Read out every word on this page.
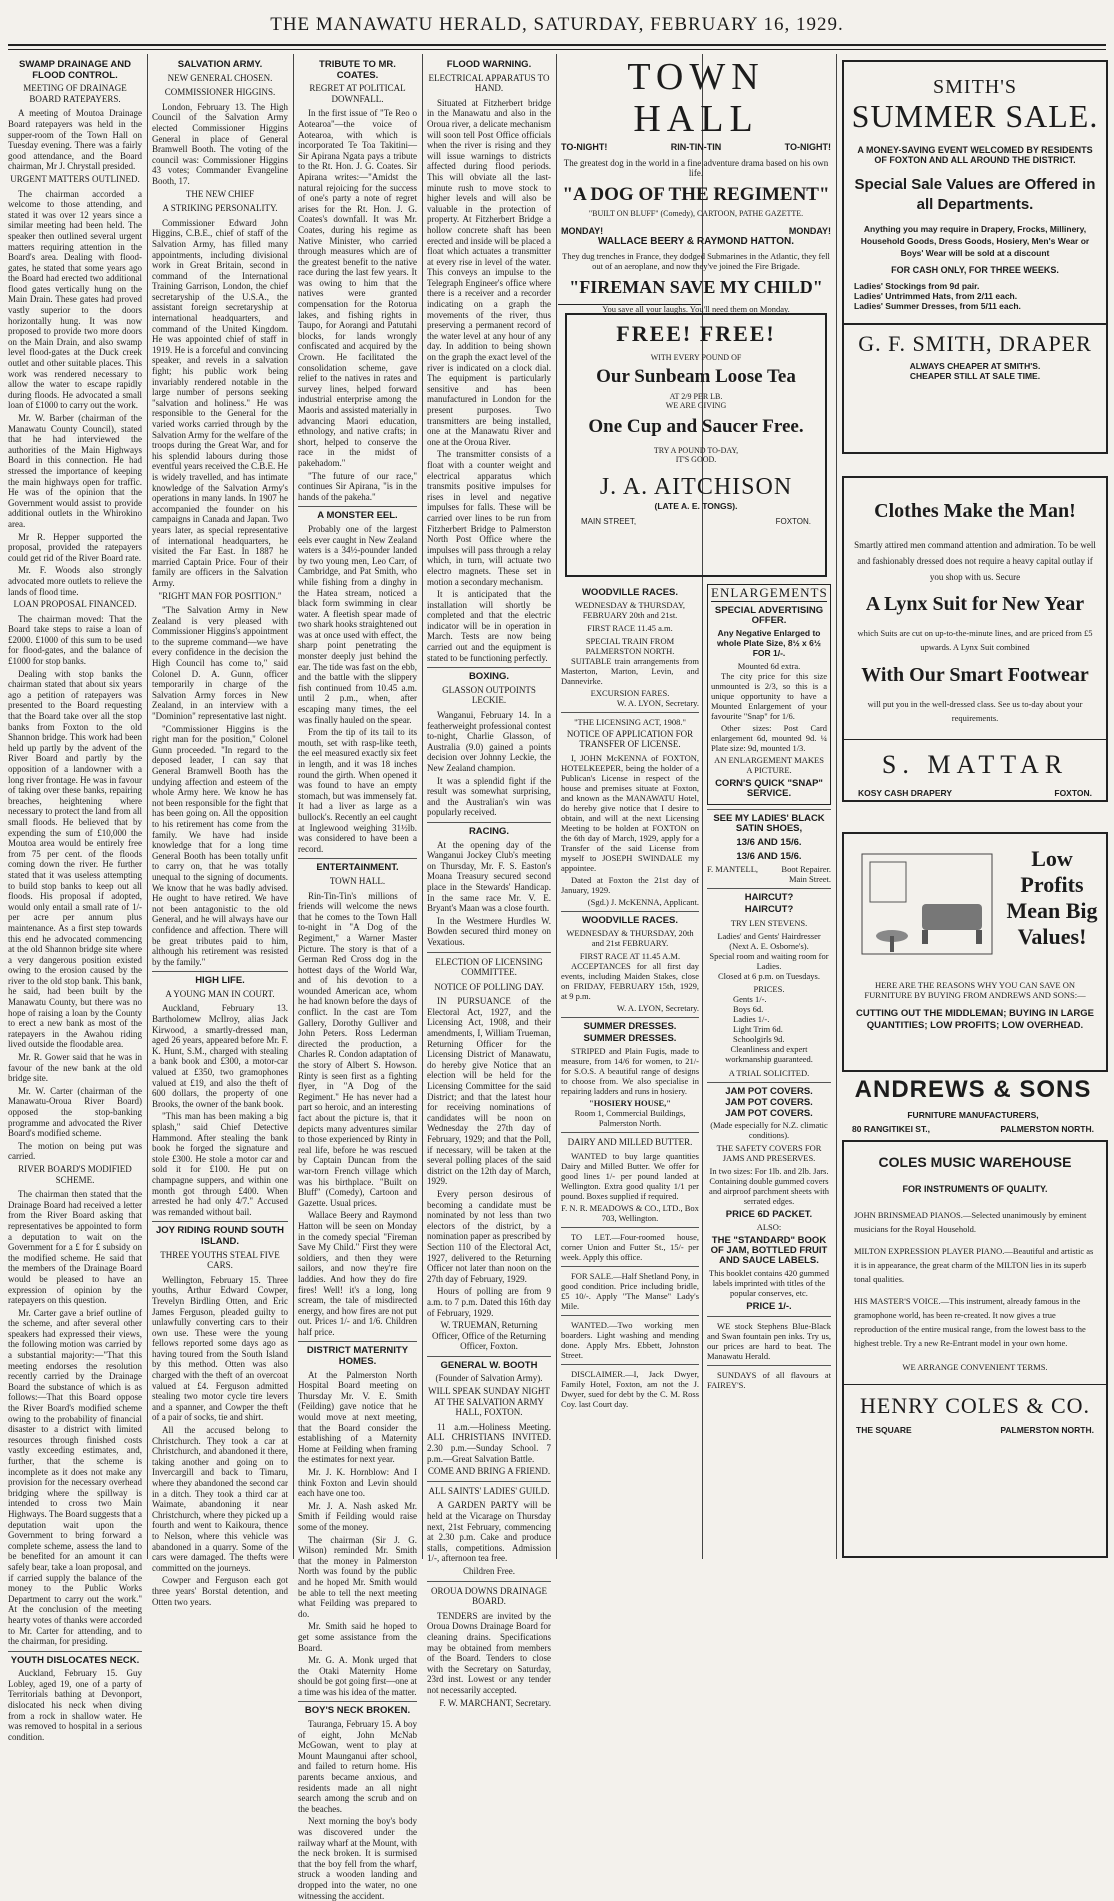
THE MANAWATU HERALD, SATURDAY, FEBRUARY 16, 1929.
SWAMP DRAINAGE AND FLOOD CONTROL.
MEETING OF DRAINAGE BOARD RATEPAYERS.

A meeting of Moutoa Drainage Board ratepayers was held in the supper-room of the Town Hall on Tuesday evening. There was a fairly good attendance, and the Board chairman, Mr J. Chrystall presided.

URGENT MATTERS OUTLINED.

The chairman accorded a welcome to those attending, and stated it was over 12 years since a similar meeting had been held. The speaker then outlined several urgent matters requiring attention in the Board's area. Dealing with flood-gates, he stated that some years ago the Board had erected two additional flood gates vertically hung on the Main Drain. These gates had proved vastly superior to the doors horizontally hung. It was now proposed to provide two more doors on the Main Drain, and also swamp level flood-gates at the Duck creek outlet and other suitable places. This work was rendered necessary to allow the water to escape rapidly during floods. He advocated a small loan of £1000 to carry out the work.

Mr. W. Barber (chairman of the Manawatu County Council), stated that he had interviewed the authorities of the Main Highways Board in this connection. He had stressed the importance of keeping the main highways open for traffic. He was of the opinion that the Government would assist to provide additional outlets in the Whirokino area.

Mr R. Hepper supported the proposal, provided the ratepayers could get rid of the River Board rate.

Mr. F. Woods also strongly advocated more outlets to relieve the lands of flood time.

LOAN PROPOSAL FINANCED.

The chairman moved: That the Board take steps to raise a loan of £2000. £1000 of this sum to be used for flood-gates, and the balance of £1000 for stop banks.

Dealing with stop banks the chairman stated that about six years ago a petition of ratepayers was presented to the Board requesting that the Board take over all the stop banks from Foxton to the old Shannon bridge. This work had been held up partly by the advent of the River Board and partly by the opposition of a landowner with a long river frontage. He was in favour of taking over these banks, repairing breaches, heightening where necessary to protect the land from all small floods. He believed that by expending the sum of £10,000 the Moutoa area would be entirely free from 75 per cent. of the floods coming down the river. He further stated that it was useless attempting to build stop banks to keep out all floods. His proposal if adopted, would only entail a small rate of 1/- per acre per annum plus maintenance. As a first step towards this end he advocated commencing at the old Shannon bridge site where a very dangerous position existed owing to the erosion caused by the river to the old stop bank. This bank, he said, had been built by the Manawatu County, but there was no hope of raising a loan by the County to erect a new bank as most of the ratepayers in the Awahou riding lived outside the floodable area.

Mr. R. Gower said that he was in favour of the new bank at the old bridge site.

Mr. W. Carter (chairman of the Manawatu-Oroua River Board) opposed the stop-banking programme and advocated the River Board's modified scheme.

The motion on being put was carried.

RIVER BOARD'S MODIFIED SCHEME.

The chairman then stated that the Drainage Board had received a letter from the River Board asking that representatives be appointed to form a deputation to wait on the Government for a £ for £ subsidy on the modified scheme. He said that the members of the Drainage Board would be pleased to have an expression of opinion by the ratepayers on this question.

Mr. Carter gave a brief outline of the scheme, and after several other speakers had expressed their views, the following motion was carried by a substantial majority:—"That this meeting endorses the resolution recently carried by the Drainage Board the substance of which is as follows:—That this Board oppose the River Board's modified scheme owing to the probability of financial disaster to a district with limited resources through finished costs vastly exceeding estimates, and, further, that the scheme is incomplete as it does not make any provision for the necessary overhead bridging where the spillway is intended to cross two Main Highways. The Board suggests that a deputation wait upon the Government to bring forward a complete scheme, assess the land to be benefited for an amount it can safely bear, take a loan proposal, and if carried supply the balance of the money to the Public Works Department to carry out the work." At the conclusion of the meeting hearty votes of thanks were accorded to Mr. Carter for attending, and to the chairman, for presiding.

YOUTH DISLOCATES NECK.

Auckland, February 15. Guy Lobley, aged 19, one of a party of Territorials bathing at Devonport, dislocated his neck when diving from a rock in shallow water. He was removed to hospital in a serious condition.

SALVATION ARMY.
NEW GENERAL CHOSEN.
COMMISSIONER HIGGINS.

London, February 13. The High Council of the Salvation Army elected Commissioner Higgins General in place of General Bramwell Booth. The voting of the council was: Commissioner Higgins 43 votes; Commander Evangeline Booth, 17.

THE NEW CHIEF
A STRIKING PERSONALITY.

Commissioner Edward John Higgins, C.B.E., chief of staff of the Salvation Army, has filled many appointments, including divisional work in Great Britain, second in command of the International Training Garrison, London, the chief secretaryship of the U.S.A., the assistant foreign secretaryship at international headquarters, and command of the United Kingdom. He was appointed chief of staff in 1919. He is a forceful and convincing speaker, and revels in a salvation fight; his public work being invariably rendered notable in the large number of persons seeking "salvation and holiness." He was responsible to the General for the varied works carried through by the Salvation Army for the welfare of the troops during the Great War, and for his splendid labours during those eventful years received the C.B.E. He is widely travelled, and has intimate knowledge of the Salvation Army's operations in many lands. In 1907 he accompanied the founder on his campaigns in Canada and Japan. Two years later, as special representative of international headquarters, he visited the Far East. In 1887 he married Captain Price. Four of their family are officers in the Salvation Army.

"RIGHT MAN FOR POSITION."

"The Salvation Army in New Zealand is very pleased with Commissioner Higgins's appointment to the supreme command—we have every confidence in the decision the High Council has come to," said Colonel D. A. Gunn, officer temporarily in charge of the Salvation Army forces in New Zealand, in an interview with a "Dominion" representative last night.

"Commissioner Higgins is the right man for the position," Colonel Gunn proceeded. "In regard to the deposed leader, I can say that General Bramwell Booth has the undying affection and esteem of the whole Army here. We know he has not been responsible for the fight that has been going on. All the opposition to his retirement has come from the family. We have had inside knowledge that for a long time General Booth has been totally unfit to carry on, that he was totally unequal to the signing of documents. We know that he was badly advised. He ought to have retired. We have not been antagonistic to the old General, and he will always have our confidence and affection. There will be great tributes paid to him, although his retirement was resisted by the family."

HIGH LIFE.
A YOUNG MAN IN COURT.

Auckland, February 13. Bartholomew McIlroy, alias Jack Kirwood, a smartly-dressed man, aged 26 years, appeared before Mr. F. K. Hunt, S.M., charged with stealing a bank book and £300, a motor-car valued at £350, two gramophones valued at £19, and also the theft of 600 dollars, the property of one Brooks, the owner of the bank book.

"This man has been making a big splash," said Chief Detective Hammond. After stealing the bank book he forged the signature and stole £300. He stole a motor car and sold it for £100. He put on champagne suppers, and within one month got through £400. When arrested he had only 4/7." Accused was remanded without bail.

JOY RIDING ROUND SOUTH ISLAND.
THREE YOUTHS STEAL FIVE CARS.

Wellington, February 15. Three youths, Arthur Edward Cowper, Trevelyn Birdling Otten, and Eric James Ferguson, pleaded guilty to unlawfully converting cars to their own use. These were the young fellows reported some days ago as having toured from the South Island by this method. Otten was also charged with the theft of an overcoat valued at £4. Ferguson admitted stealing two motor cycle tire levers and a spanner, and Cowper the theft of a pair of socks, tie and shirt.

All the accused belong to Christchurch. They took a car at Christchurch, and abandoned it there, taking another and going on to Invercargill and back to Timaru, where they abandoned the second car in a ditch. They took a third car at Waimate, abandoning it near Christchurch, where they picked up a fourth and went to Kaikoura, thence to Nelson, where this vehicle was abandoned in a quarry. Some of the cars were damaged. The thefts were committed on the journeys.

Cowper and Ferguson each got three years' Borstal detention, and Otten two years.

TRIBUTE TO MR. COATES.
REGRET AT POLITICAL DOWNFALL.

In the first issue of "Te Reo o Aotearoa"—the voice of Aotearoa, with which is incorporated Te Toa Takitini—Sir Apirana Ngata pays a tribute to the Rt. Hon. J. G. Coates. Sir Apirana writes:—"Amidst the natural rejoicing for the success of one's party a note of regret arises for the Rt. Hon. J. G. Coates's downfall. It was Mr. Coates, during his regime as Native Minister, who carried through measures which are of the greatest benefit to the native race during the last few years. It was owing to him that the natives were granted compensation for the Rotorua lakes, and fishing rights in Taupo, for Aorangi and Patutahi blocks, for lands wrongly confiscated and acquired by the Crown. He facilitated the consolidation scheme, gave relief to the natives in rates and survey lines, helped forward industrial enterprise among the Maoris and assisted materially in advancing Maori education, ethnology, and native crafts; in short, helped to conserve the race in the midst of pakehadom."

"The future of our race," continues Sir Apirana, "is in the hands of the pakeha."

A MONSTER EEL.

Probably one of the largest eels ever caught in New Zealand waters is a 34½-pounder landed by two young men, Leo Carr, of Cambridge, and Pat Smith, who while fishing from a dinghy in the Hatea stream, noticed a black form swimming in clear water. A fleetish spear made of two shark hooks straightened out was at once used with effect, the sharp point penetrating the monster deeply just behind the ear. The tide was fast on the ebb, and the battle with the slippery fish continued from 10.45 a.m. until 2 p.m., when, after escaping many times, the eel was finally hauled on the spear.

From the tip of its tail to its mouth, set with rasp-like teeth, the eel measured exactly six feet in length, and it was 18 inches round the girth. When opened it was found to have an empty stomach, but was immensely fat. It had a liver as large as a bullock's. Recently an eel caught at Inglewood weighing 31½lb. was considered to have been a record.

ENTERTAINMENT.
TOWN HALL.

Rin-Tin-Tin's millions of friends will welcome the news that he comes to the Town Hall to-night in "A Dog of the Regiment," a Warner Master Picture. The story is that of a German Red Cross dog in the hottest days of the World War, and of his devotion to a wounded American ace, whom he had known before the days of conflict. In the cast are Tom Gallery, Dorothy Gulliver and John Peters. Ross Lederman directed the production, a Charles R. Condon adaptation of the story of Albert S. Howson. Rinty is seen first as a fighting flyer, in "A Dog of the Regiment." He has never had a part so heroic, and an interesting fact about the picture is, that it depicts many adventures similar to those experienced by Rinty in real life, before he was rescued by Captain Duncan from the war-torn French village which was his birthplace. "Built on Bluff" (Comedy), Cartoon and Gazette. Usual prices.

Wallace Beery and Raymond Hatton will be seen on Monday in the comedy special "Fireman Save My Child." First they were soldiers, and then they were sailors, and now they're fire laddies. And how they do fire fires! Well! it's a long, long scream, the tale of misdirected energy, and how fires are not put out. Prices 1/- and 1/6. Children half price.

DISTRICT MATERNITY HOMES.

At the Palmerston North Hospital Board meeting on Thursday Mr. V. E. Smith (Feilding) gave notice that he would move at next meeting, that the Board consider the establishing of a Maternity Home at Feilding when framing the estimates for next year.

Mr. J. K. Hornblow: And I think Foxton and Levin should each have one too.

Mr. J. A. Nash asked Mr. Smith if Feilding would raise some of the money.

The chairman (Sir J. G. Wilson) reminded Mr. Smith that the money in Palmerston North was found by the public and he hoped Mr. Smith would be able to tell the next meeting what Feilding was prepared to do.

Mr. Smith said he hoped to get some assistance from the Board.

Mr. G. A. Monk urged that the Otaki Maternity Home should be got going first—one at a time was his idea of the matter.

BOY'S NECK BROKEN.

Tauranga, February 15. A boy of eight, John McNab McGowan, went to play at Mount Maunganui after school, and failed to return home. His parents became anxious, and residents made an all night search among the scrub and on the beaches.

Next morning the boy's body was discovered under the railway wharf at the Mount, with the neck broken. It is surmised that the boy fell from the wharf, struck a wooden landing and dropped into the water, no one witnessing the accident.

FLOOD WARNING.
ELECTRICAL APPARATUS TO HAND.

Situated at Fitzherbert bridge in the Manawatu and also in the Oroua river, a delicate mechanism will soon tell Post Office officials when the river is rising and they will issue warnings to districts affected during flood periods. This will obviate all the last-minute rush to move stock to higher levels and will also be valuable in the protection of property. At Fitzherbert Bridge a hollow concrete shaft has been erected and inside will be placed a float which actuates a transmitter at every rise in level of the water. This conveys an impulse to the Telegraph Engineer's office where there is a receiver and a recorder indicating on a graph the movements of the river, thus preserving a permanent record of the water level at any hour of any day. In addition to being shown on the graph the exact level of the river is indicated on a clock dial. The equipment is particularly sensitive and has been manufactured in London for the present purposes. Two transmitters are being installed, one at the Manawatu River and one at the Oroua River.

The transmitter consists of a float with a counter weight and electrical apparatus which transmits positive impulses for rises in level and negative impulses for falls. These will be carried over lines to be run from Fitzherbert Bridge to Palmerston North Post Office where the impulses will pass through a relay which, in turn, will actuate two electro magnets. These set in motion a secondary mechanism.

It is anticipated that the installation will shortly be completed and that the electric indicator will be in operation in March. Tests are now being carried out and the equipment is stated to be functioning perfectly.

BOXING.
GLASSON OUTPOINTS LECKIE.

Wanganui, February 14. In a featherweight professional contest to-night, Charlie Glasson, of Australia (9.0) gained a points decision over Johnny Leckie, the New Zealand champion.

It was a splendid fight if the result was somewhat surprising, and the Australian's win was popularly received.

RACING.

At the opening day of the Wanganui Jockey Club's meeting on Thursday, Mr. F. S. Easton's Moana Treasury secured second place in the Stewards' Handicap. In the same race Mr. V. E. Bryant's Maan was a close fourth.

In the Westmere Hurdles W. Bowden secured third money on Vexatious.

ELECTION OF LICENSING COMMITTEE.
NOTICE OF POLLING DAY.

IN PURSUANCE of the Electoral Act, 1927, and the Licensing Act, 1908, and their amendments, I, William Trueman, Returning Officer for the Licensing District of Manawatu, do hereby give Notice that an election will be held for the Licensing Committee for the said District; and that the latest hour for receiving nominations of candidates will be noon on Wednesday the 27th day of February, 1929; and that the Poll, if necessary, will be taken at the several polling places of the said district on the 12th day of March, 1929.

Every person desirous of becoming a candidate must be nominated by not less than two electors of the district, by a nomination paper as prescribed by Section 110 of the Electoral Act, 1927, delivered to the Returning Officer not later than noon on the 27th day of February, 1929.

Hours of polling are from 9 a.m. to 7 p.m. Dated this 16th day of February, 1929.

W. TRUEMAN, Returning Officer, Office of the Returning Officer, Foxton.
GENERAL W. BOOTH
(Founder of Salvation Army).
WILL SPEAK SUNDAY NIGHT AT THE SALVATION ARMY HALL, FOXTON.

11 a.m.—Holiness Meeting. ALL CHRISTIANS INVITED. 2.30 p.m.—Sunday School. 7 p.m.—Great Salvation Battle.

COME AND BRING A FRIEND.
ALL SAINTS' LADIES' GUILD.

A GARDEN PARTY will be held at the Vicarage on Thursday next, 21st February, commencing at 2.30 p.m. Cake and produce stalls, competitions. Admission 1/-, afternoon tea free.

Children Free.
OROUA DOWNS DRAINAGE BOARD.

TENDERS are invited by the Oroua Downs Drainage Board for cleaning drains. Specifications may be obtained from members of the Board. Tenders to close with the Secretary on Saturday, 23rd inst. Lowest or any tender not necessarily accepted.

F. W. MARCHANT, Secretary.
TOWN HALL
TO-NIGHT!	RIN-TIN-TIN	TO-NIGHT!
The greatest dog in the world in a fine adventure drama based on his own life.
"A DOG OF THE REGIMENT"
"BUILT ON BLUFF" (Comedy), CARTOON, PATHE GAZETTE.
MONDAY!	MONDAY!
WALLACE BEERY & RAYMOND HATTON.
They dug trenches in France, they dodged Submarines in the Atlantic, they fell out of an aeroplane, and now they've joined the Fire Brigade.
"FIREMAN SAVE MY CHILD"
You save all your laughs. You'll need them on Monday.
FREE! FREE!
WITH EVERY POUND OF
Our Sunbeam Loose Tea
AT 2/9 PER LB.
WE ARE GIVING
One Cup and Saucer Free.
TRY A POUND TO-DAY,
IT'S GOOD.
J. A. AITCHISON
(LATE A. E. TONGS).
MAIN STREET,	FOXTON.
WOODVILLE RACES.
WEDNESDAY & THURSDAY, FEBRUARY 20th and 21st.
FIRST RACE 11.45 a.m.
SPECIAL TRAIN FROM PALMERSTON NORTH.

SUITABLE train arrangements from Masterton, Marton, Levin, and Dannevirke.

EXCURSION FARES.
W. A. LYON, Secretary.
"THE LICENSING ACT, 1908."
NOTICE OF APPLICATION FOR TRANSFER OF LICENSE.

I, JOHN McKENNA of FOXTON, HOTELKEEPER, being the holder of a Publican's License in respect of the house and premises situate at Foxton, and known as the MANAWATU Hotel, do hereby give notice that I desire to obtain, and will at the next Licensing Meeting to be holden at FOXTON on the 6th day of March, 1929, apply for a Transfer of the said License from myself to JOSEPH SWINDALE my appointee.

Dated at Foxton the 21st day of January, 1929.

(Sgd.) J. McKENNA, Applicant.
WOODVILLE RACES.
WEDNESDAY & THURSDAY, 20th and 21st FEBRUARY.
FIRST RACE AT 11.45 A.M.

ACCEPTANCES for all first day events, including Maiden Stakes, close on FRIDAY, FEBRUARY 15th, 1929, at 9 p.m.

W. A. LYON, Secretary.
SUMMER DRESSES.
SUMMER DRESSES.

STRIPED and Plain Fugis, made to measure, from 14/6 for women, to 21/- for S.O.S. A beautiful range of designs to choose from. We also specialise in repairing ladders and runs in hosiery.

"HOSIERY HOUSE,"
Room 1, Commercial Buildings, Palmerston North.
DAIRY AND MILLED BUTTER.

WANTED to buy large quantities Dairy and Milled Butter. We offer for good lines 1/- per pound landed at Wellington. Extra good quality 1/1 per pound. Boxes supplied if required.

F. N. R. MEADOWS & CO., LTD., Box 703, Wellington.

TO LET.—Four-roomed house, corner Union and Futter St., 15/- per week. Apply this office.

FOR SALE.—Half Shetland Pony, in good condition. Price including bridle, £5 10/-. Apply "The Manse" Lady's Mile.

WANTED.—Two working men boarders. Light washing and mending done. Apply Mrs. Ebbett, Johnston Street.

DISCLAIMER.—I, Jack Dwyer, Family Hotel, Foxton, am not the J. Dwyer, sued for debt by the C. M. Ross Coy. last Court day.

ENLARGEMENTS
SPECIAL ADVERTISING OFFER.
Any Negative Enlarged to whole Plate Size, 8½ x 6½ FOR 1/-.
Mounted 6d extra.

The city price for this size unmounted is 2/3, so this is a unique opportunity to have a Mounted Enlargement of your favourite "Snap" for 1/6.

Other sizes: Post Card enlargement 6d, mounted 9d. ¼ Plate size: 9d, mounted 1/3.

AN ENLARGEMENT MAKES A PICTURE.
CORN'S QUICK "SNAP" SERVICE.
SEE MY LADIES' BLACK SATIN SHOES,
13/6 AND 15/6.
13/6 AND 15/6.
F. MANTELL,	Boot Repairer.
Main Street.
HAIRCUT?
HAIRCUT?
TRY LEN STEVENS.
Ladies' and Gents' Hairdresser (Next A. E. Osborne's).
Special room and waiting room for Ladies.
Closed at 6 p.m. on Tuesdays.
PRICES.
Gents 1/-.
Boys 6d.
Ladies 1/-.
Light Trim 6d.
Schoolgirls 9d.
Cleanliness and expert workmanship guaranteed.
A TRIAL SOLICITED.
JAM POT COVERS.
JAM POT COVERS.
JAM POT COVERS.
(Made especially for N.Z. climatic conditions).
THE SAFETY COVERS FOR JAMS AND PRESERVES.
In two sizes: For 1lb. and 2lb. Jars.
Containing double gummed covers and airproof parchment sheets with serrated edges.
PRICE 6D PACKET.
ALSO:
THE "STANDARD" BOOK OF JAM, BOTTLED FRUIT AND SAUCE LABELS.
This booklet contains 420 gummed labels imprinted with titles of the popular conserves, etc.
PRICE 1/-.

WE stock Stephens Blue-Black and Swan fountain pen inks. Try us, our prices are hard to beat. The Manawatu Herald.

SUNDAYS of all flavours at FAIREY'S.

SMITH'S
SUMMER SALE.
A MONEY-SAVING EVENT WELCOMED BY RESIDENTS OF FOXTON AND ALL AROUND THE DISTRICT.
Special Sale Values are Offered in all Departments.
Anything you may require in Drapery, Frocks, Millinery, Household Goods, Dress Goods, Hosiery, Men's Wear or Boys' Wear will be sold at a discount
FOR CASH ONLY, FOR THREE WEEKS.
Ladies' Stockings from 9d pair.
Ladies' Untrimmed Hats, from 2/11 each.
Ladies' Summer Dresses, from 5/11 each.
G. F. SMITH, DRAPER
ALWAYS CHEAPER AT SMITH'S.
CHEAPER STILL AT SALE TIME.
Clothes Make the Man!
Smartly attired men command attention and admiration. To be well and fashionably dressed does not require a heavy capital outlay if you shop with us. Secure
A Lynx Suit for New Year
which Suits are cut on up-to-the-minute lines, and are priced from £5 upwards. A Lynx Suit combined
With Our Smart Footwear
will put you in the well-dressed class. See us to-day about your requirements.
S. MATTAR
KOSY CASH DRAPERY	FOXTON.
Low Profits Mean Big Values!
HERE ARE THE REASONS WHY YOU CAN SAVE ON FURNITURE BY BUYING FROM ANDREWS AND SONS:—
CUTTING OUT THE MIDDLEMAN; BUYING IN LARGE QUANTITIES; LOW PROFITS; LOW OVERHEAD.
ANDREWS & SONS
FURNITURE MANUFACTURERS,
80 RANGITIKEI ST.,	PALMERSTON NORTH.
COLES MUSIC WAREHOUSE
FOR INSTRUMENTS OF QUALITY.
JOHN BRINSMEAD PIANOS.—Selected unanimously by eminent musicians for the Royal Household.
MILTON EXPRESSION PLAYER PIANO.—Beautiful and artistic as it is in appearance, the great charm of the MILTON lies in its superb tonal qualities.
HIS MASTER'S VOICE.—This instrument, already famous in the gramophone world, has been re-created. It now gives a true reproduction of the entire musical range, from the lowest bass to the highest treble. Try a new Re-Entrant model in your own home.
WE ARRANGE CONVENIENT TERMS.
HENRY COLES & CO.
THE SQUARE	PALMERSTON NORTH.
